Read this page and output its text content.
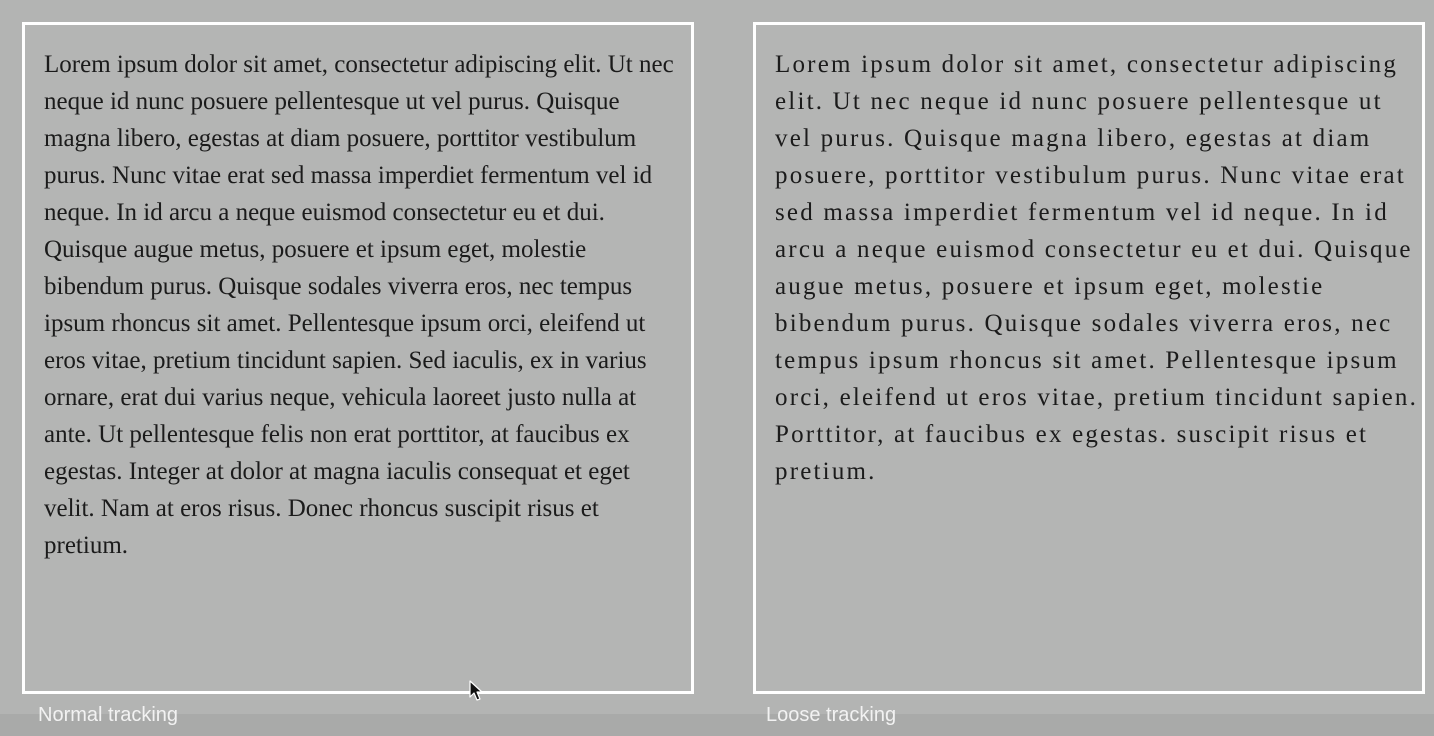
Lorem ipsum dolor sit amet, consectetur adipiscing elit. Ut nec neque id nunc posuere pellentesque ut vel purus. Quisque magna libero, egestas at diam posuere, porttitor vestibulum purus. Nunc vitae erat sed massa imperdiet fermentum vel id neque. In id arcu a neque euismod consectetur eu et dui. Quisque augue metus, posuere et ipsum eget, molestie bibendum purus. Quisque sodales viverra eros, nec tempus ipsum rhoncus sit amet. Pellentesque ipsum orci, eleifend ut eros vitae, pretium tincidunt sapien. Sed iaculis, ex in varius ornare, erat dui varius neque, vehicula laoreet justo nulla at ante. Ut pellentesque felis non erat porttitor, at faucibus ex egestas. Integer at dolor at magna iaculis consequat et eget velit. Nam at eros risus. Donec rhoncus suscipit risus et pretium.

Lorem ipsum dolor sit amet, consectetur adipiscing elit. Ut nec neque id nunc posuere pellentesque ut vel purus. Quisque magna libero, egestas at diam posuere, porttitor vestibulum purus. Nunc vitae erat sed massa imperdiet fermentum vel id neque. In id arcu a neque euismod consectetur eu et dui. Quisque augue metus, posuere et ipsum eget, molestie bibendum purus. Quisque sodales viverra eros, nec tempus ipsum rhoncus sit amet. Pellentesque ipsum orci, eleifend ut eros vitae, pretium tincidunt sapien. Porttitor, at faucibus ex egestas. suscipit risus et pretium.

Normal tracking	Loose tracking
